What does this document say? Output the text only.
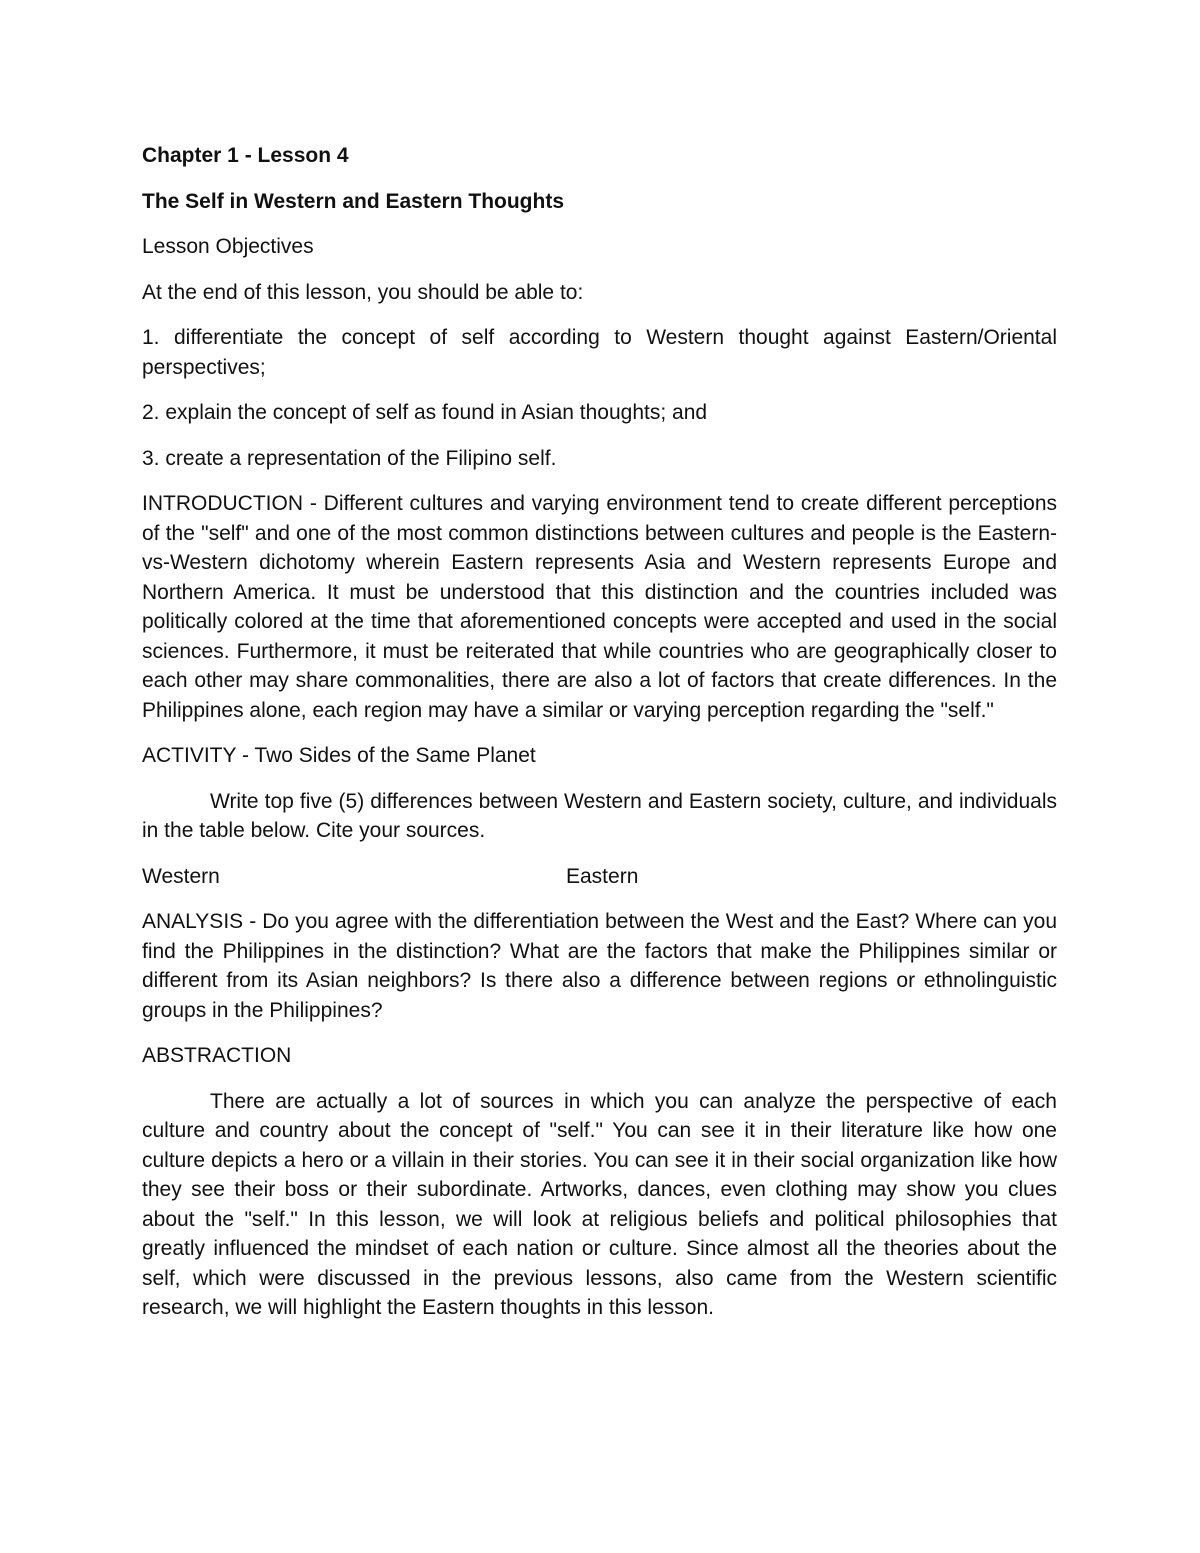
Chapter 1 - Lesson 4

The Self in Western and Eastern Thoughts

Lesson Objectives

At the end of this lesson, you should be able to:

1. differentiate the concept of self according to Western thought against Eastern/Oriental perspectives;

2. explain the concept of self as found in Asian thoughts; and

3. create a representation of the Filipino self.

INTRODUCTION - Different cultures and varying environment tend to create different perceptions of the "self" and one of the most common distinctions between cultures and people is the Eastern-vs-Western dichotomy wherein Eastern represents Asia and Western represents Europe and Northern America. It must be understood that this distinction and the countries included was politically colored at the time that aforementioned concepts were accepted and used in the social sciences. Furthermore, it must be reiterated that while countries who are geographically closer to each other may share commonalities, there are also a lot of factors that create differences. In the Philippines alone, each region may have a similar or varying perception regarding the "self."

ACTIVITY - Two Sides of the Same Planet

Write top five (5) differences between Western and Eastern society, culture, and individuals in the table below. Cite your sources.

Western	Eastern

ANALYSIS - Do you agree with the differentiation between the West and the East? Where can you find the Philippines in the distinction? What are the factors that make the Philippines similar or different from its Asian neighbors? Is there also a difference between regions or ethnolinguistic groups in the Philippines?

ABSTRACTION

There are actually a lot of sources in which you can analyze the perspective of each culture and country about the concept of "self." You can see it in their literature like how one culture depicts a hero or a villain in their stories. You can see it in their social organization like how they see their boss or their subordinate. Artworks, dances, even clothing may show you clues about the "self." In this lesson, we will look at religious beliefs and political philosophies that greatly influenced the mindset of each nation or culture. Since almost all the theories about the self, which were discussed in the previous lessons, also came from the Western scientific research, we will highlight the Eastern thoughts in this lesson.
